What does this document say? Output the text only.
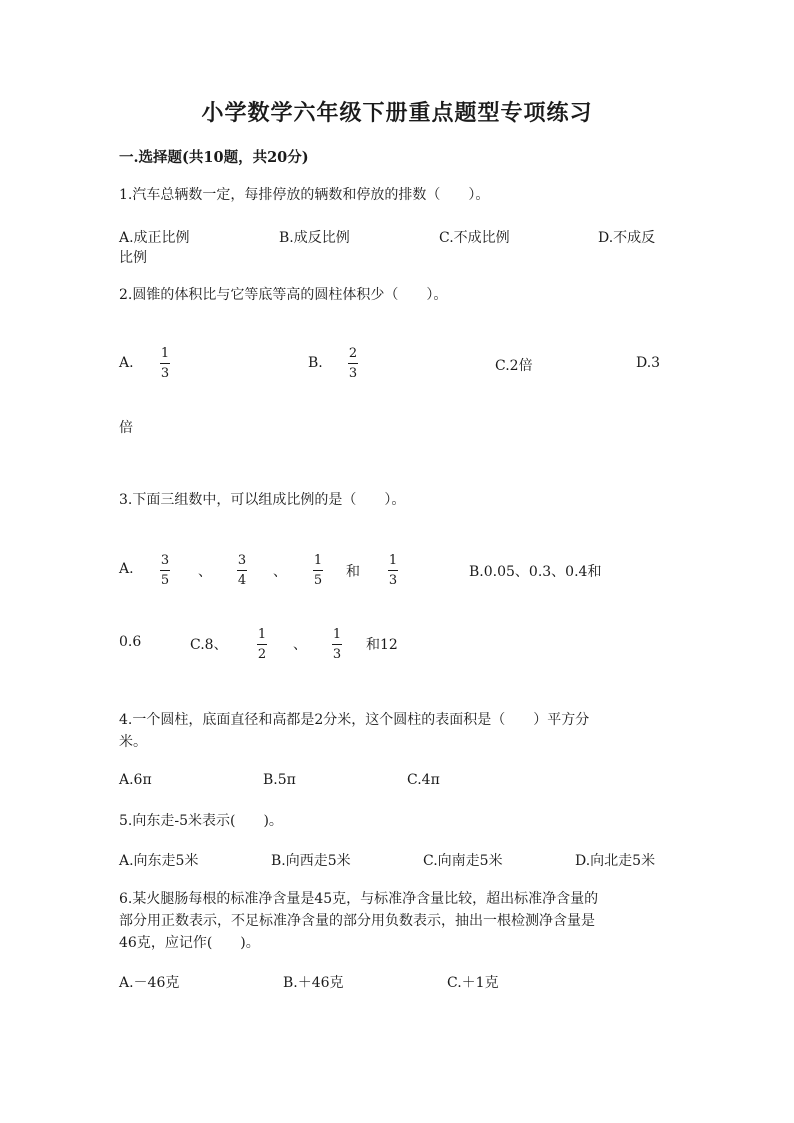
小学数学六年级下册重点题型专项练习
一.选择题(共10题，共20分)
1.汽车总辆数一定，每排停放的辆数和停放的排数（　　）。
A.成正比例	B.成反比例	C.不成比例	D.不成反
比例
2.圆锥的体积比与它等底等高的圆柱体积少（　　）。
A.
1
3
B.
2
3	C.2倍	D.3
倍
3.下面三组数中，可以组成比例的是（　　）。
A.
3
5
、
3
4
、
1
5
和
1
3
B.0.05、0.3、0.4和
0.6	C.8、
1
2
、
1
3
和12
4.一个圆柱，底面直径和高都是2分米，这个圆柱的表面积是（　　）平方分
米。
A.6π	B.5π	C.4π
5.向东走-5米表示(　　)。
A.向东走5米	B.向西走5米	C.向南走5米	D.向北走5米
6.某火腿肠每根的标准净含量是45克，与标准净含量比较，超出标准净含量的
部分用正数表示，不足标准净含量的部分用负数表示，抽出一根检测净含量是
46克，应记作(　　)。
A.－46克	B.＋46克	C.＋1克
